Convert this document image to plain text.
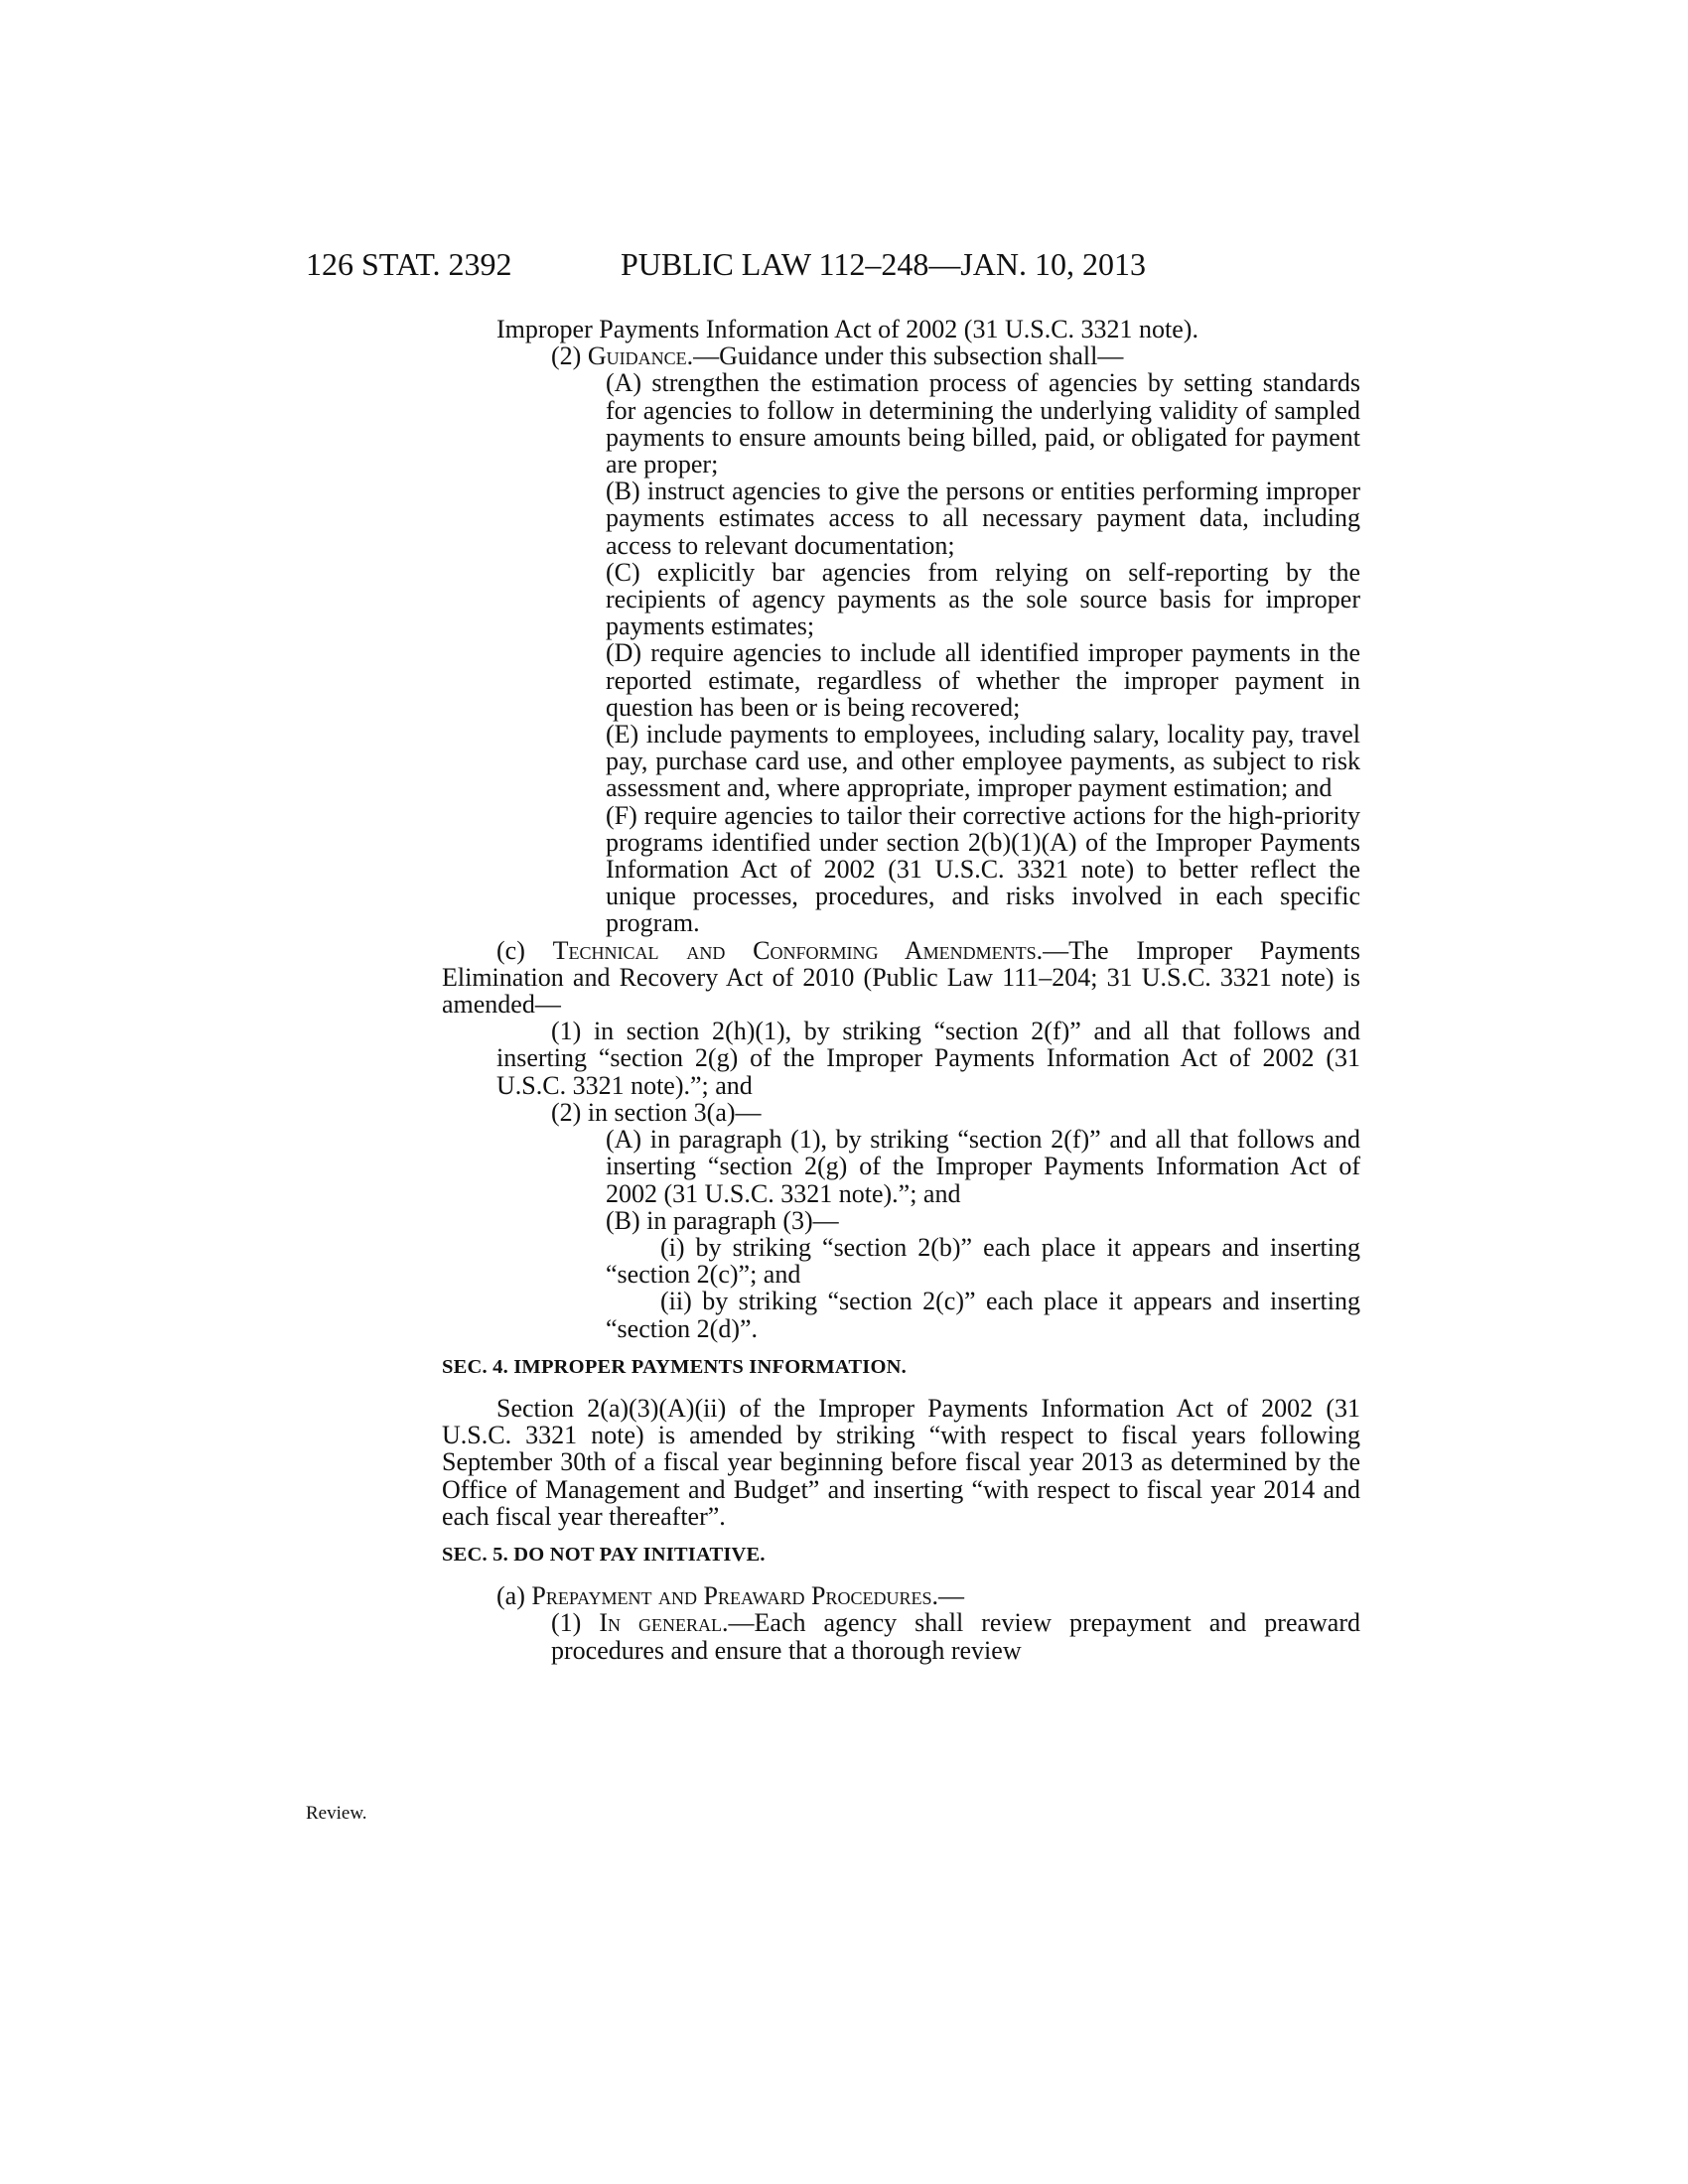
126 STAT. 2392	PUBLIC LAW 112–248—JAN. 10, 2013
Review.

Improper Payments Information Act of 2002 (31 U.S.C. 3321 note).

(2) Guidance.—Guidance under this subsection shall—

(A) strengthen the estimation process of agencies by setting standards for agencies to follow in determining the underlying validity of sampled payments to ensure amounts being billed, paid, or obligated for payment are proper;

(B) instruct agencies to give the persons or entities performing improper payments estimates access to all necessary payment data, including access to relevant documentation;

(C) explicitly bar agencies from relying on self-reporting by the recipients of agency payments as the sole source basis for improper payments estimates;

(D) require agencies to include all identified improper payments in the reported estimate, regardless of whether the improper payment in question has been or is being recovered;

(E) include payments to employees, including salary, locality pay, travel pay, purchase card use, and other employee payments, as subject to risk assessment and, where appropriate, improper payment estimation; and

(F) require agencies to tailor their corrective actions for the high-priority programs identified under section 2(b)(1)(A) of the Improper Payments Information Act of 2002 (31 U.S.C. 3321 note) to better reflect the unique processes, procedures, and risks involved in each specific program.

(c) Technical and Conforming Amendments.—The Improper Payments Elimination and Recovery Act of 2010 (Public Law 111–204; 31 U.S.C. 3321 note) is amended—

(1) in section 2(h)(1), by striking “section 2(f)” and all that follows and inserting “section 2(g) of the Improper Payments Information Act of 2002 (31 U.S.C. 3321 note).”; and

(2) in section 3(a)—

(A) in paragraph (1), by striking “section 2(f)” and all that follows and inserting “section 2(g) of the Improper Payments Information Act of 2002 (31 U.S.C. 3321 note).”; and

(B) in paragraph (3)—

(i) by striking “section 2(b)” each place it appears and inserting “section 2(c)”; and

(ii) by striking “section 2(c)” each place it appears and inserting “section 2(d)”.

SEC. 4. IMPROPER PAYMENTS INFORMATION.

Section 2(a)(3)(A)(ii) of the Improper Payments Information Act of 2002 (31 U.S.C. 3321 note) is amended by striking “with respect to fiscal years following September 30th of a fiscal year beginning before fiscal year 2013 as determined by the Office of Management and Budget” and inserting “with respect to fiscal year 2014 and each fiscal year thereafter”.

SEC. 5. DO NOT PAY INITIATIVE.

(a) Prepayment and Preaward Procedures.—

(1) In general.—Each agency shall review prepayment and preaward procedures and ensure that a thorough review
